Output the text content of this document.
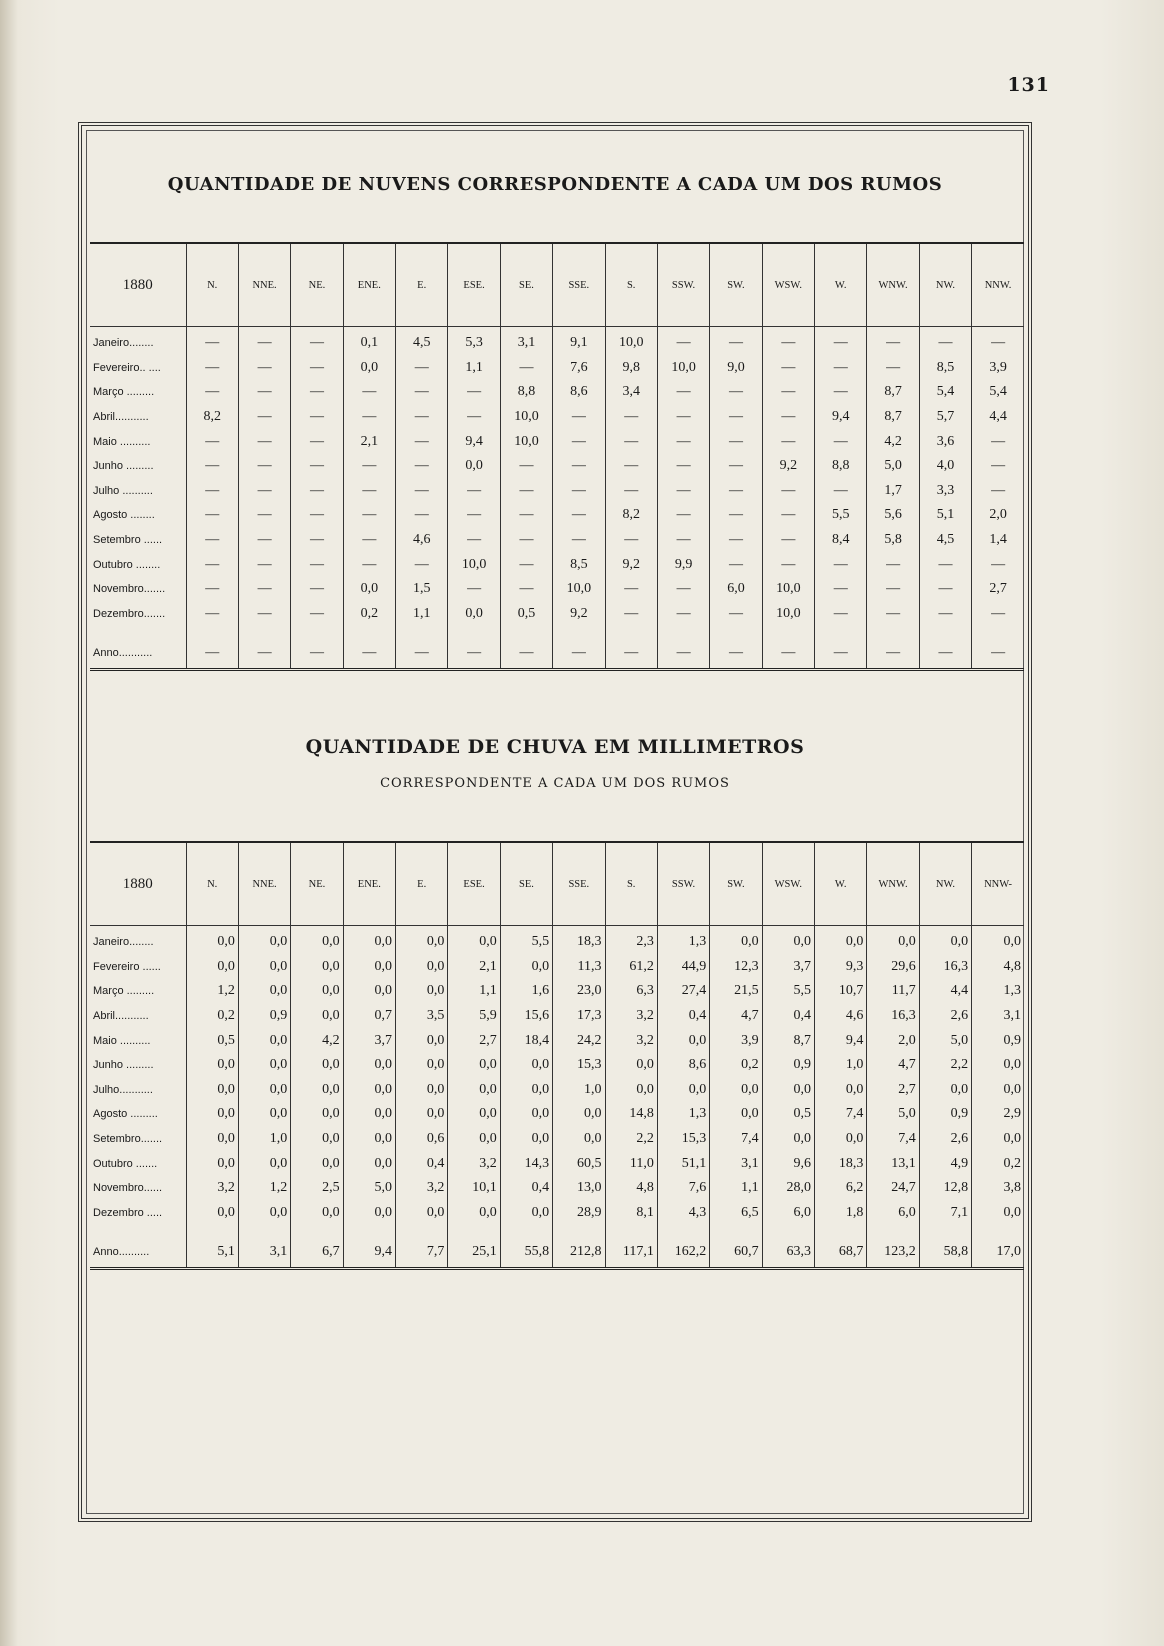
131
QUANTIDADE DE NUVENS CORRESPONDENTE A CADA UM DOS RUMOS
1880	N.	NNE.	NE.	ENE.	E.	ESE.	SE.	SSE.	S.	SSW.	SW.	WSW.	W.	WNW.	NW.	NNW.
Janeiro........	—	—	—	0,1	4,5	5,3	3,1	9,1	10,0	—	—	—	—	—	—	—
Fevereiro.. ....	—	—	—	0,0	—	1,1	—	7,6	9,8	10,0	9,0	—	—	—	8,5	3,9
Março .........	—	—	—	—	—	—	8,8	8,6	3,4	—	—	—	—	8,7	5,4	5,4
Abril...........	8,2	—	—	—	—	—	10,0	—	—	—	—	—	9,4	8,7	5,7	4,4
Maio ..........	—	—	—	2,1	—	9,4	10,0	—	—	—	—	—	—	4,2	3,6	—
Junho .........	—	—	—	—	—	0,0	—	—	—	—	—	9,2	8,8	5,0	4,0	—
Julho ..........	—	—	—	—	—	—	—	—	—	—	—	—	—	1,7	3,3	—
Agosto ........	—	—	—	—	—	—	—	—	8,2	—	—	—	5,5	5,6	5,1	2,0
Setembro ......	—	—	—	—	4,6	—	—	—	—	—	—	—	8,4	5,8	4,5	1,4
Outubro ........	—	—	—	—	—	10,0	—	8,5	9,2	9,9	—	—	—	—	—	—
Novembro.......	—	—	—	0,0	1,5	—	—	10,0	—	—	6,0	10,0	—	—	—	2,7
Dezembro.......	—	—	—	0,2	1,1	0,0	0,5	9,2	—	—	—	10,0	—	—	—	—

Anno...........	—	—	—	—	—	—	—	—	—	—	—	—	—	—	—	—
QUANTIDADE DE CHUVA EM MILLIMETROS
CORRESPONDENTE A CADA UM DOS RUMOS
1880	N.	NNE.	NE.	ENE.	E.	ESE.	SE.	SSE.	S.	SSW.	SW.	WSW.	W.	WNW.	NW.	NNW-
Janeiro........	0,0	0,0	0,0	0,0	0,0	0,0	5,5	18,3	2,3	1,3	0,0	0,0	0,0	0,0	0,0	0,0
Fevereiro ......	0,0	0,0	0,0	0,0	0,0	2,1	0,0	11,3	61,2	44,9	12,3	3,7	9,3	29,6	16,3	4,8
Março .........	1,2	0,0	0,0	0,0	0,0	1,1	1,6	23,0	6,3	27,4	21,5	5,5	10,7	11,7	4,4	1,3
Abril...........	0,2	0,9	0,0	0,7	3,5	5,9	15,6	17,3	3,2	0,4	4,7	0,4	4,6	16,3	2,6	3,1
Maio ..........	0,5	0,0	4,2	3,7	0,0	2,7	18,4	24,2	3,2	0,0	3,9	8,7	9,4	2,0	5,0	0,9
Junho .........	0,0	0,0	0,0	0,0	0,0	0,0	0,0	15,3	0,0	8,6	0,2	0,9	1,0	4,7	2,2	0,0
Julho...........	0,0	0,0	0,0	0,0	0,0	0,0	0,0	1,0	0,0	0,0	0,0	0,0	0,0	2,7	0,0	0,0
Agosto .........	0,0	0,0	0,0	0,0	0,0	0,0	0,0	0,0	14,8	1,3	0,0	0,5	7,4	5,0	0,9	2,9
Setembro.......	0,0	1,0	0,0	0,0	0,6	0,0	0,0	0,0	2,2	15,3	7,4	0,0	0,0	7,4	2,6	0,0
Outubro .......	0,0	0,0	0,0	0,0	0,4	3,2	14,3	60,5	11,0	51,1	3,1	9,6	18,3	13,1	4,9	0,2
Novembro......	3,2	1,2	2,5	5,0	3,2	10,1	0,4	13,0	4,8	7,6	1,1	28,0	6,2	24,7	12,8	3,8
Dezembro .....	0,0	0,0	0,0	0,0	0,0	0,0	0,0	28,9	8,1	4,3	6,5	6,0	1,8	6,0	7,1	0,0

Anno..........	5,1	3,1	6,7	9,4	7,7	25,1	55,8	212,8	117,1	162,2	60,7	63,3	68,7	123,2	58,8	17,0
